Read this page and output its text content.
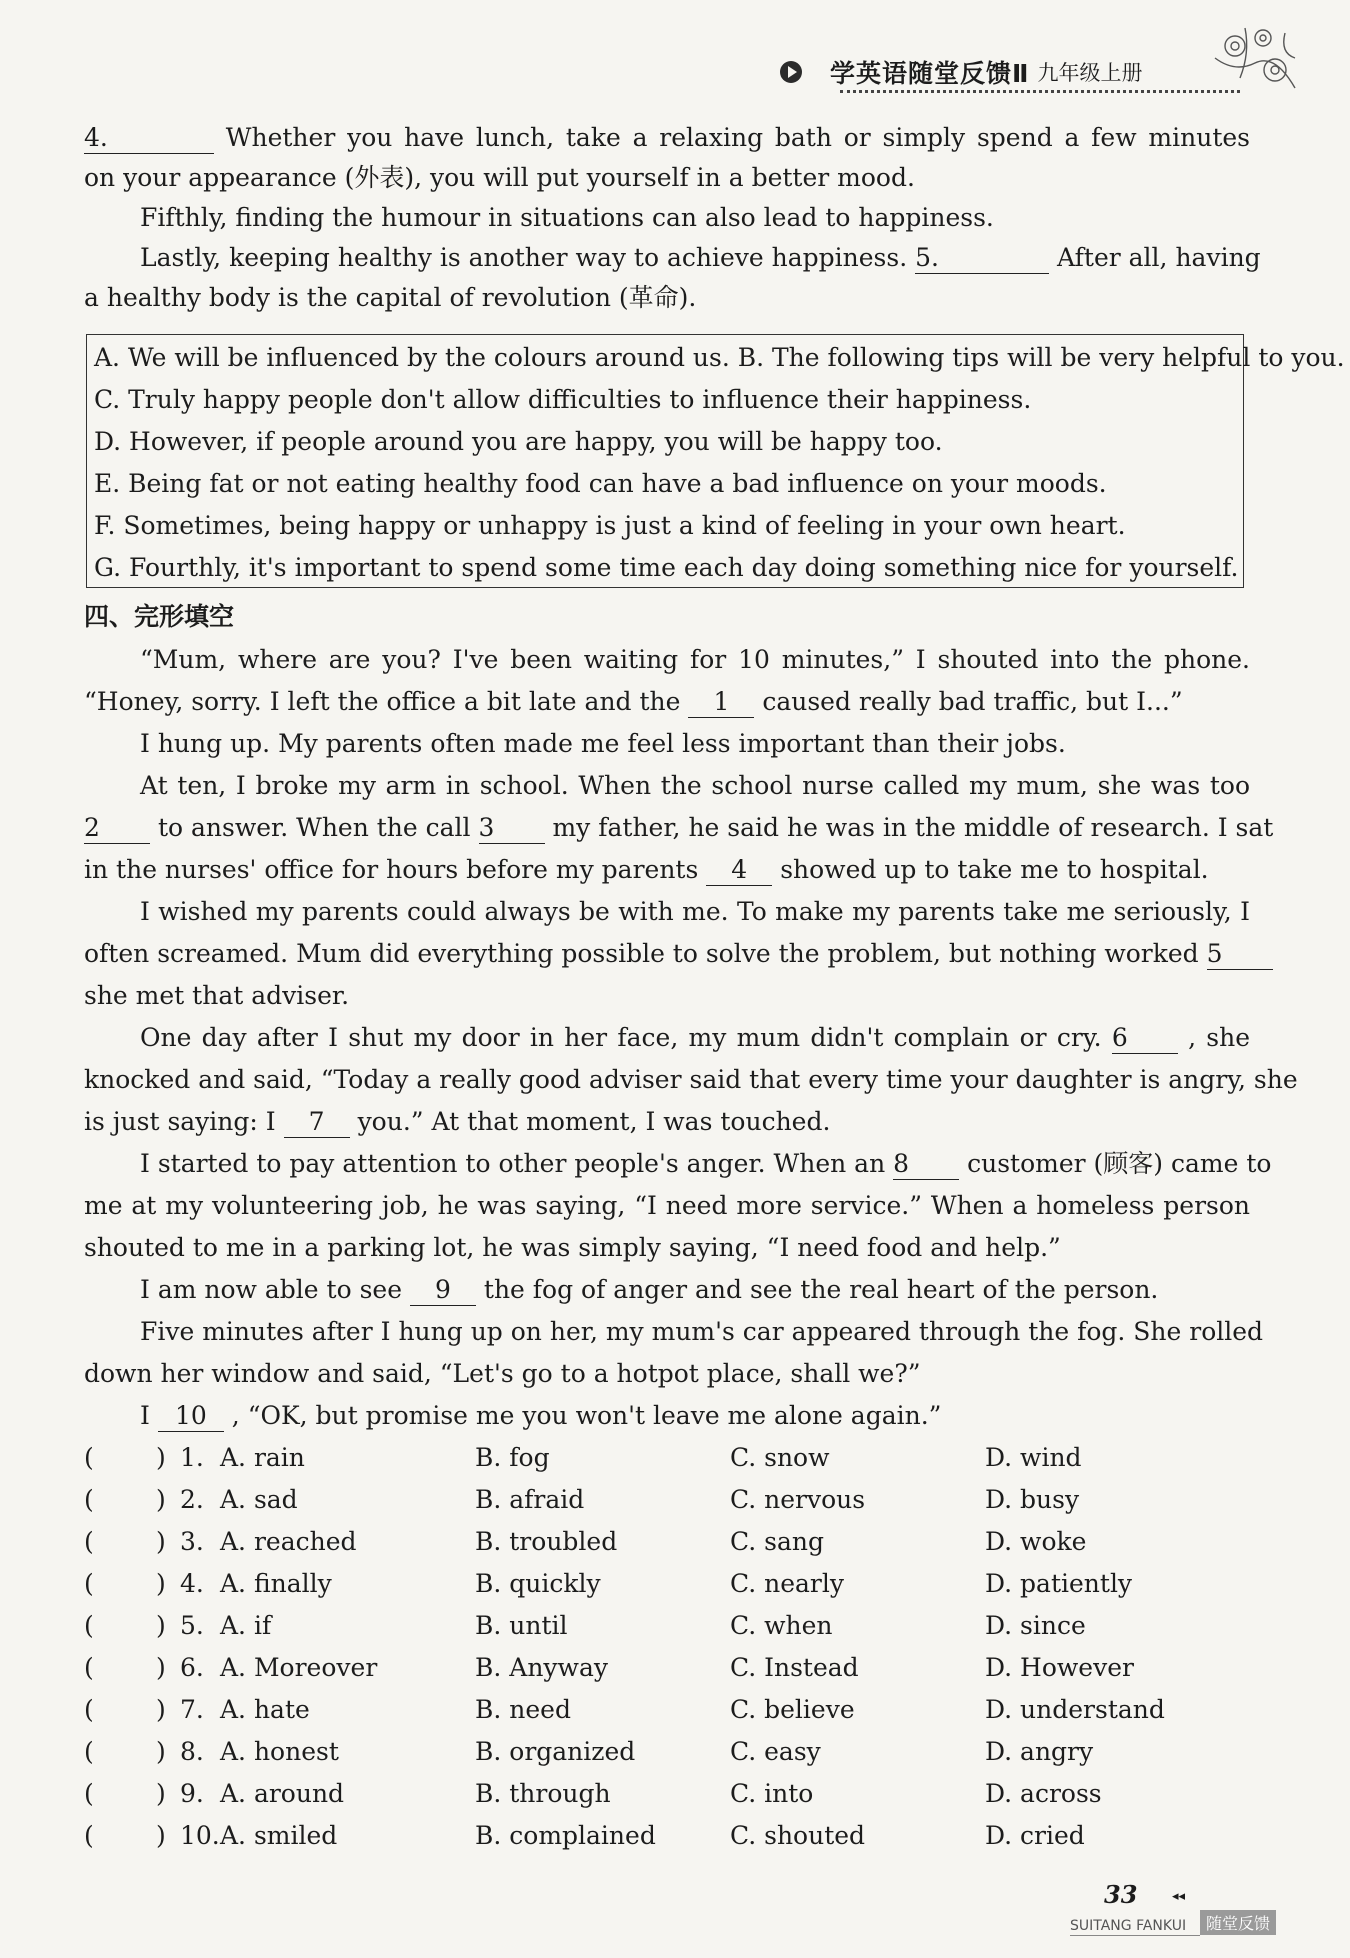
学英语随堂反馈Ⅱ 九年级上册
4.	Whether you have lunch, take a relaxing bath or simply spend a few minutes
on your appearance (外表), you will put yourself in a better mood.
Fifthly, finding the humour in situations can also lead to happiness.
Lastly, keeping healthy is another way to achieve happiness. 5.	After all, having
a healthy body is the capital of revolution (革命).
A. We will be influenced by the colours around us. B. The following tips will be very helpful to you.
C. Truly happy people don't allow difficulties to influence their happiness.
D. However, if people around you are happy, you will be happy too.
E. Being fat or not eating healthy food can have a bad influence on your moods.
F. Sometimes, being happy or unhappy is just a kind of feeling in your own heart.
G. Fourthly, it's important to spend some time each day doing something nice for yourself.
四、完形填空
“Mum, where are you? I've been waiting for 10 minutes,” I shouted into the phone.
“Honey, sorry. I left the office a bit late and the 1 caused really bad traffic, but I...”
I hung up. My parents often made me feel less important than their jobs.
At ten, I broke my arm in school. When the school nurse called my mum, she was too
2 to answer. When the call 3 my father, he said he was in the middle of research. I sat
in the nurses' office for hours before my parents 4 showed up to take me to hospital.
I wished my parents could always be with me. To make my parents take me seriously, I
often screamed. Mum did everything possible to solve the problem, but nothing worked 5
she met that adviser.
One day after I shut my door in her face, my mum didn't complain or cry. 6 , she
knocked and said, “Today a really good adviser said that every time your daughter is angry, she
is just saying: I 7 you.” At that moment, I was touched.
I started to pay attention to other people's anger. When an 8 customer (顾客) came to
me at my volunteering job, he was saying, “I need more service.” When a homeless person
shouted to me in a parking lot, he was simply saying, “I need food and help.”
I am now able to see 9 the fog of anger and see the real heart of the person.
Five minutes after I hung up on her, my mum's car appeared through the fog. She rolled
down her window and said, “Let's go to a hotpot place, shall we?”
I 10 , “OK, but promise me you won't leave me alone again.”
( ) 1. A. rain	B. fog	C. snow	D. wind
( ) 2. A. sad	B. afraid	C. nervous	D. busy
( ) 3. A. reached	B. troubled	C. sang	D. woke
( ) 4. A. finally	B. quickly	C. nearly	D. patiently
( ) 5. A. if	B. until	C. when	D. since
( ) 6. A. Moreover	B. Anyway	C. Instead	D. However
( ) 7. A. hate	B. need	C. believe	D. understand
( ) 8. A. honest	B. organized	C. easy	D. angry
( ) 9. A. around	B. through	C. into	D. across
( ) 10. A. smiled	B. complained	C. shouted	D. cried
33	◂◂
SUITANG FANKUI	随堂反馈
